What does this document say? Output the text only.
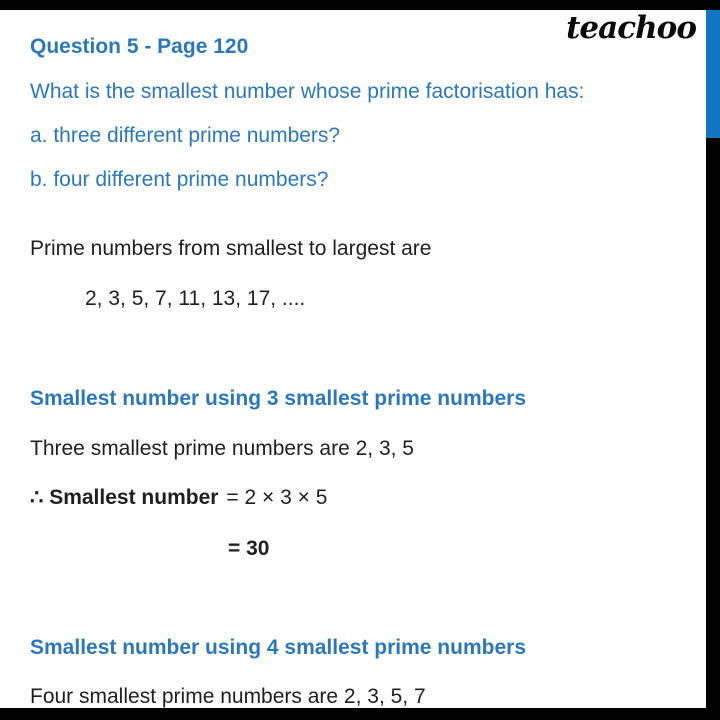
teachoo
Question 5 - Page 120
What is the smallest number whose prime factorisation has:
a. three different prime numbers?
b. four different prime numbers?
Prime numbers from smallest to largest are
2, 3, 5, 7, 11, 13, 17, ....
Smallest number using 3 smallest prime numbers
Three smallest prime numbers are 2, 3, 5
∴ Smallest number = 2 × 3 × 5
= 30
Smallest number using 4 smallest prime numbers
Four smallest prime numbers are 2, 3, 5, 7
